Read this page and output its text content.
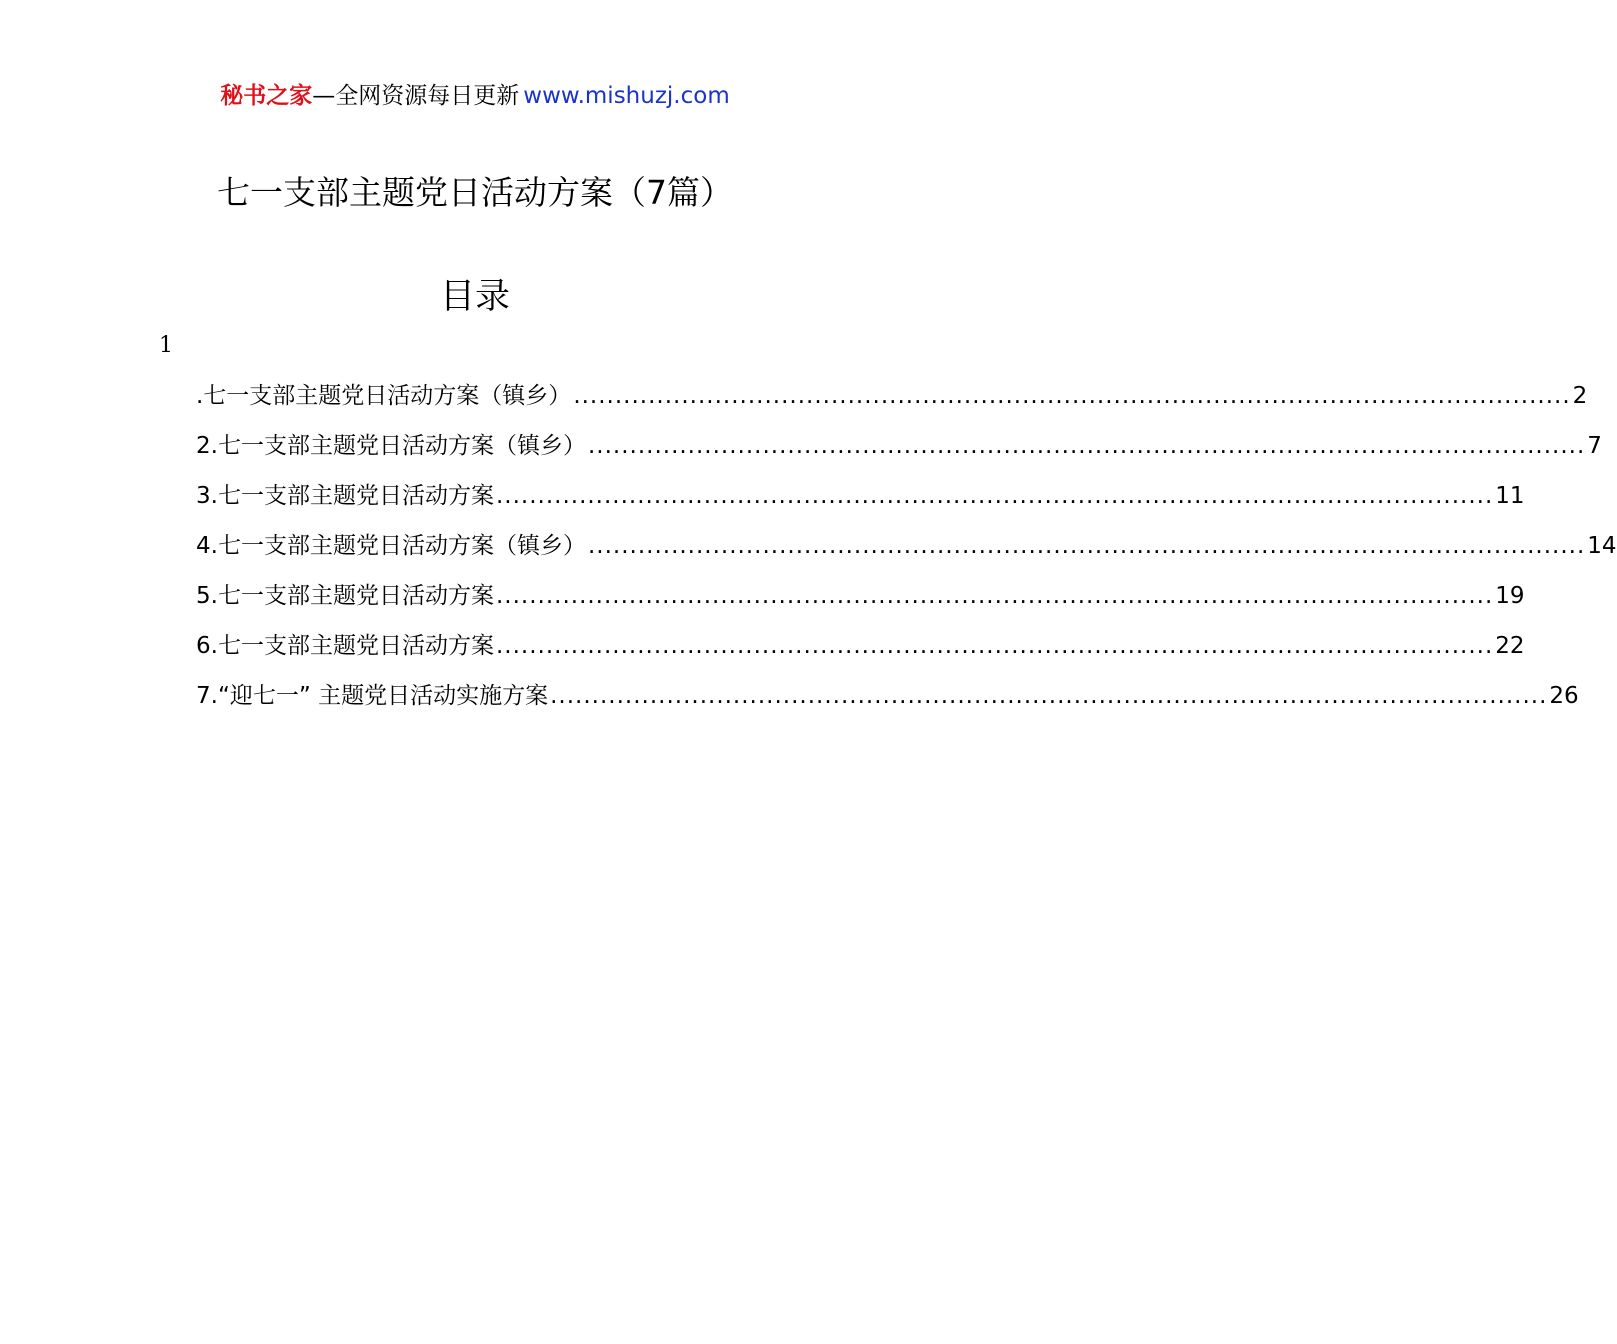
秘书之家—全网资源每日更新 www.mishuzj.com
七一支部主题党日活动方案（7篇）
目录
1
.七一支部主题党日活动方案（镇乡） ........................................................................................................................ 2
2.七一支部主题党日活动方案（镇乡） ........................................................................................................................ 7
3.七一支部主题党日活动方案 ........................................................................................................................ 11
4.七一支部主题党日活动方案（镇乡） ........................................................................................................................ 14
5.七一支部主题党日活动方案 ........................................................................................................................ 19
6.七一支部主题党日活动方案 ........................................................................................................................ 22
7.“迎七一” 主题党日活动实施方案 ........................................................................................................................ 26
